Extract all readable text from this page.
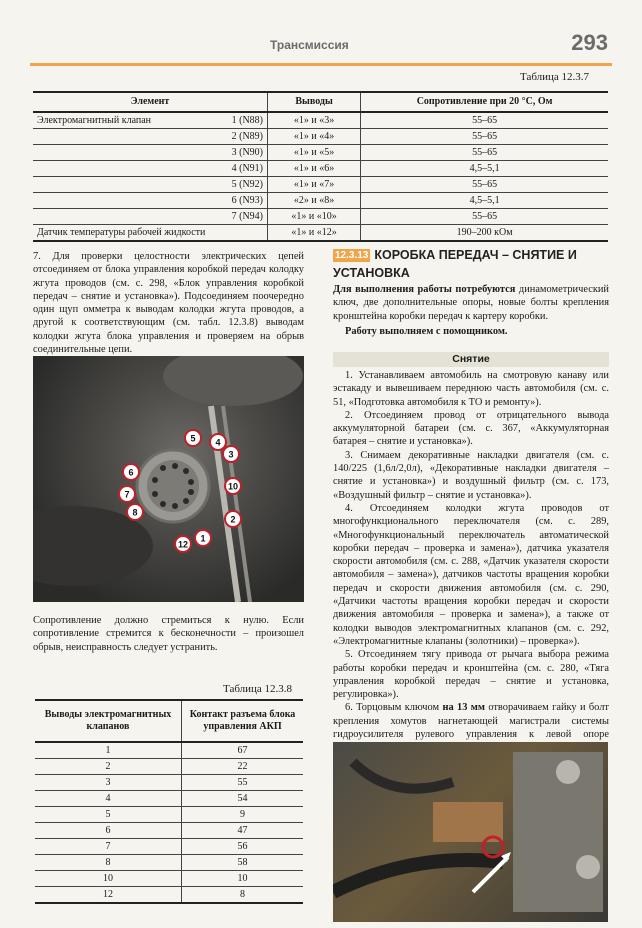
Трансмиссия	293
Таблица 12.3.7
Элемент	Выводы	Сопротивление при 20 °С, Ом

Электромагнитный клапан 1 (N88)	«1» и «3»	55–65

2 (N89)	«1» и «4»	55–65

3 (N90)	«1» и «5»	55–65

4 (N91)	«1» и «6»	4,5–5,1

5 (N92)	«1» и «7»	55–65

6 (N93)	«2» и «8»	4,5–5,1

7 (N94)	«1» и «10»	55–65

Датчик температуры рабочей жидкости	«1» и «12»	190–200 кОм
7. Для проверки целостности электрических цепей отсоединяем от блока управления коробкой передач колодку жгута проводов (см. с. 298, «Блок управления коробкой передач – снятие и установка»). Подсоединяем поочередно один щуп омметра к выводам колодки жгута проводов, а другой к соответствующим (см. табл. 12.3.8) выводам колодки жгута блока управления и проверяем на обрыв соединительные цепи.
5 4
3
6
10
7
8
2
12
1
Сопротивление должно стремиться к нулю. Если сопротивление стремится к бесконечности – произошел обрыв, неисправность следует устранить.
Таблица 12.3.8
Выводы электромагнитных клапанов	Контакт разъема блока управления АКП
1	67
2	22
3	55
4	54
5	9
6	47
7	56
8	58
10	10
12	8
12.3.13 КОРОБКА ПЕРЕДАЧ – СНЯТИЕ И УСТАНОВКА
Для выполнения работы потребуются динамометрический ключ, две дополнительные опоры, новые болты крепления кронштейна коробки передач к картеру коробки.
Работу выполняем с помощником.
Снятие

1. Устанавливаем автомобиль на смотровую канаву или эстакаду и вывешиваем переднюю часть автомобиля (см. с. 51, «Подготовка автомобиля к ТО и ремонту»).

2. Отсоединяем провод от отрицательного вывода аккумуляторной батареи (см. с. 367, «Аккумуляторная батарея – снятие и установка»).

3. Снимаем декоративные накладки двигателя (см. с. 140/225 (1,6л/2,0л), «Декоративные накладки двигателя – снятие и установка») и воздушный фильтр (см. с. 173, «Воздушный фильтр – снятие и установка»).

4. Отсоединяем колодки жгута проводов от многофункционального переключателя (см. с. 289, «Многофункциональный переключатель автоматической коробки передач – проверка и замена»), датчика указателя скорости автомобиля (см. с. 288, «Датчик указателя скорости автомобиля – замена»), датчиков частоты вращения коробки передач и скорости движения автомобиля (см. с. 290, «Датчики частоты вращения коробки передач и скорости движения автомобиля – проверка и замена»), а также от колодки выводов электромагнитных клапанов (см. с. 292, «Электромагнитные клапаны (золотники) – проверка»).

5. Отсоединяем тягу привода от рычага выбора режима работы коробки передач и кронштейна (см. с. 280, «Тяга управления коробкой передач – снятие и установка, регулировка»).

6. Торцовым ключом на 13 мм отворачиваем гайку и болт крепления хомутов нагнетающей магистрали системы гидроусилителя рулевого управления к левой опоре
